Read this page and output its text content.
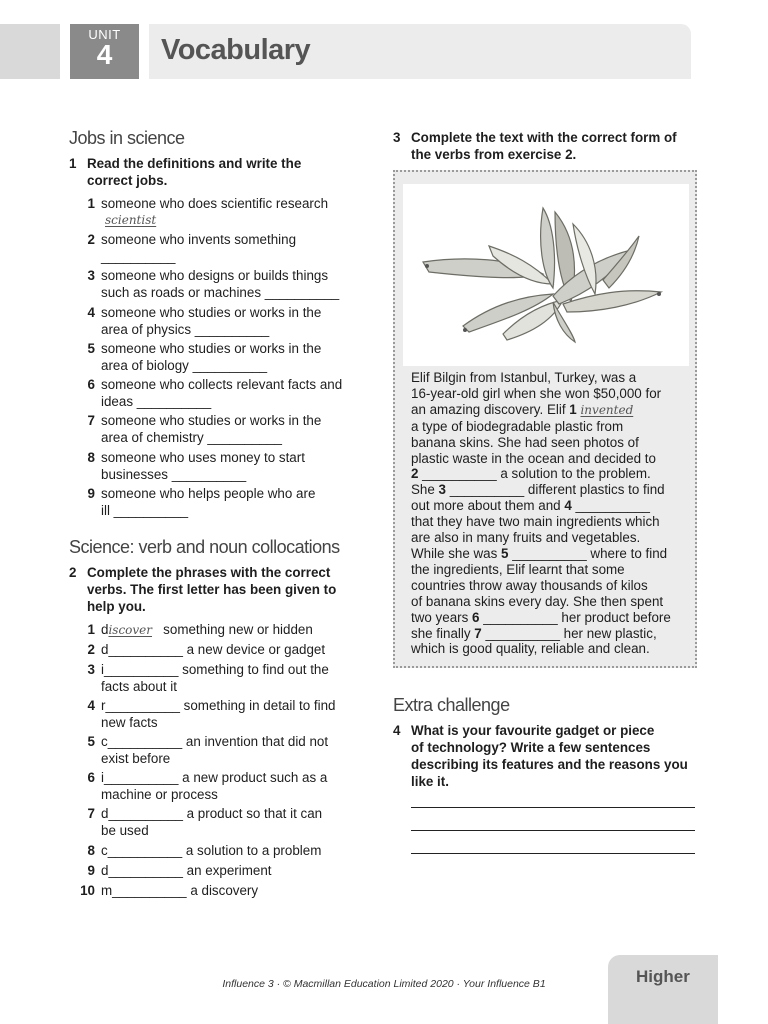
UNIT
4	Vocabulary
Jobs in science
1 Read the definitions and write the
correct jobs.
1 someone who does scientific research
scientist
2 someone who invents something
__________
3 someone who designs or builds things
such as roads or machines __________
4 someone who studies or works in the
area of physics __________
5 someone who studies or works in the
area of biology __________
6 someone who collects relevant facts and
ideas __________
7 someone who studies or works in the
area of chemistry __________
8 someone who uses money to start
businesses __________
9 someone who helps people who are
ill __________
Science: verb and noun collocations
2 Complete the phrases with the correct
verbs. The first letter has been given to
help you.
1 discover   something new or hidden
2 d__________ a new device or gadget
3 i__________ something to find out the
facts about it
4 r__________ something in detail to find
new facts
5 c__________ an invention that did not
exist before
6 i__________ a new product such as a
machine or process
7 d__________ a product so that it can
be used
8 c__________ a solution to a problem
9 d__________ an experiment
10 m__________ a discovery
3 Complete the text with the correct form of
the verbs from exercise 2.
Elif Bilgin from Istanbul, Turkey, was a
16-year-old girl when she won $50,000 for
an amazing discovery. Elif 1 invented
a type of biodegradable plastic from
banana skins. She had seen photos of
plastic waste in the ocean and decided to
2 __________ a solution to the problem.
She 3 __________ different plastics to find
out more about them and 4 __________
that they have two main ingredients which
are also in many fruits and vegetables.
While she was 5 __________ where to find
the ingredients, Elif learnt that some
countries throw away thousands of kilos
of banana skins every day. She then spent
two years 6 __________ her product before
she finally 7 __________ her new plastic,
which is good quality, reliable and clean.
Extra challenge
4 What is your favourite gadget or piece
of technology? Write a few sentences
describing its features and the reasons you
like it.
Influence 3 · © Macmillan Education Limited 2020 · Your Influence B1	Higher
